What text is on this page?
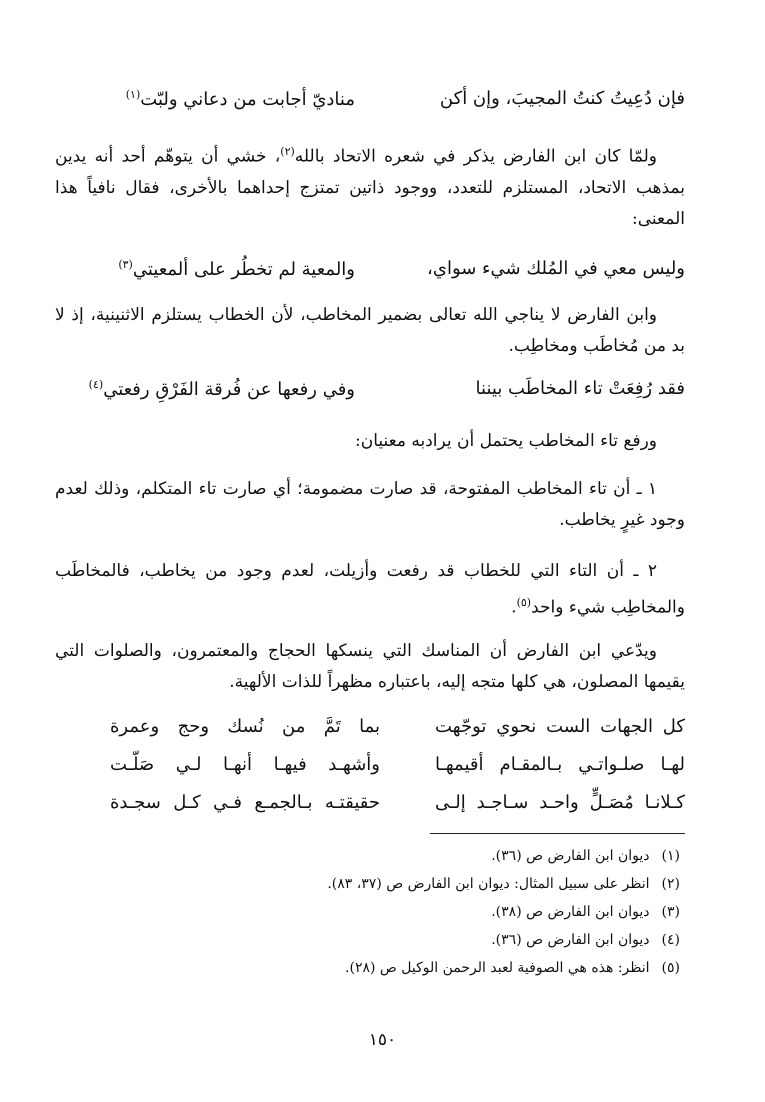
فإن دُعِيتُ كنتُ المجيبَ، وإن أكن
مناديّ أجابت من دعاني ولبّت$^{(١)}$
ولمّا كان ابن الفارض يذكر في شعره الاتحاد بالله$^{(٢)}$، خشي أن يتوهّم أحد أنه يدين بمذهب الاتحاد، المستلزم للتعدد، ووجود ذاتين تمتزج إحداهما بالأخرى، فقال نافياً هذا المعنى:
وليس معي في المُلك شيء سواي،
والمعية لم تخطُر على ألمعيتي$^{(٣)}$
وابن الفارض لا يناجي الله تعالى بضمير المخاطب، لأن الخطاب يستلزم الاثنينية، إذ لا بد من مُخاطَب ومخاطِب.
فقد رُفِعَتْ تاء المخاطَب بيننا
وفي رفعها عن فُرقة الفَرْقِ رفعتي$^{(٤)}$
ورفع تاء المخاطب يحتمل أن يرادبه معنيان:
١ ـ أن تاء المخاطب المفتوحة، قد صارت مضمومة؛ أي صارت تاء المتكلم، وذلك لعدم وجود غيرٍ يخاطب.
٢ ـ أن التاء التي للخطاب قد رفعت وأزيلت، لعدم وجود من يخاطب، فالمخاطَب والمخاطِب شيء واحد$^{(٥)}$.
ويدّعي ابن الفارض أن المناسك التي ينسكها الحجاج والمعتمرون، والصلوات التي يقيمها المصلون، هي كلها متجه إليه، باعتباره مظهراً للذات الألهية.
كل الجهات الست نحوي توجّهت
بما تَمَّ من نُسك وحج وعمرة
لهـا صلـواتـي بـالمقـام أقيمهـا
وأشهـد فيهـا أنهـا لـي صَلّـت
كـلانـا مُصَـلٍّ واحـد سـاجـد إلـى
حقيقتـه بـالجمـع فـي كـل سجـدة
(١) ديوان ابن الفارض ص (٣٦).
(٢) انظر على سبيل المثال: ديوان ابن الفارض ص (٣٧، ٨٣).
(٣) ديوان ابن الفارض ص (٣٨).
(٤) ديوان ابن الفارض ص (٣٦).
(٥) انظر: هذه هي الصوفية لعبد الرحمن الوكيل ص (٢٨).
١٥٠
